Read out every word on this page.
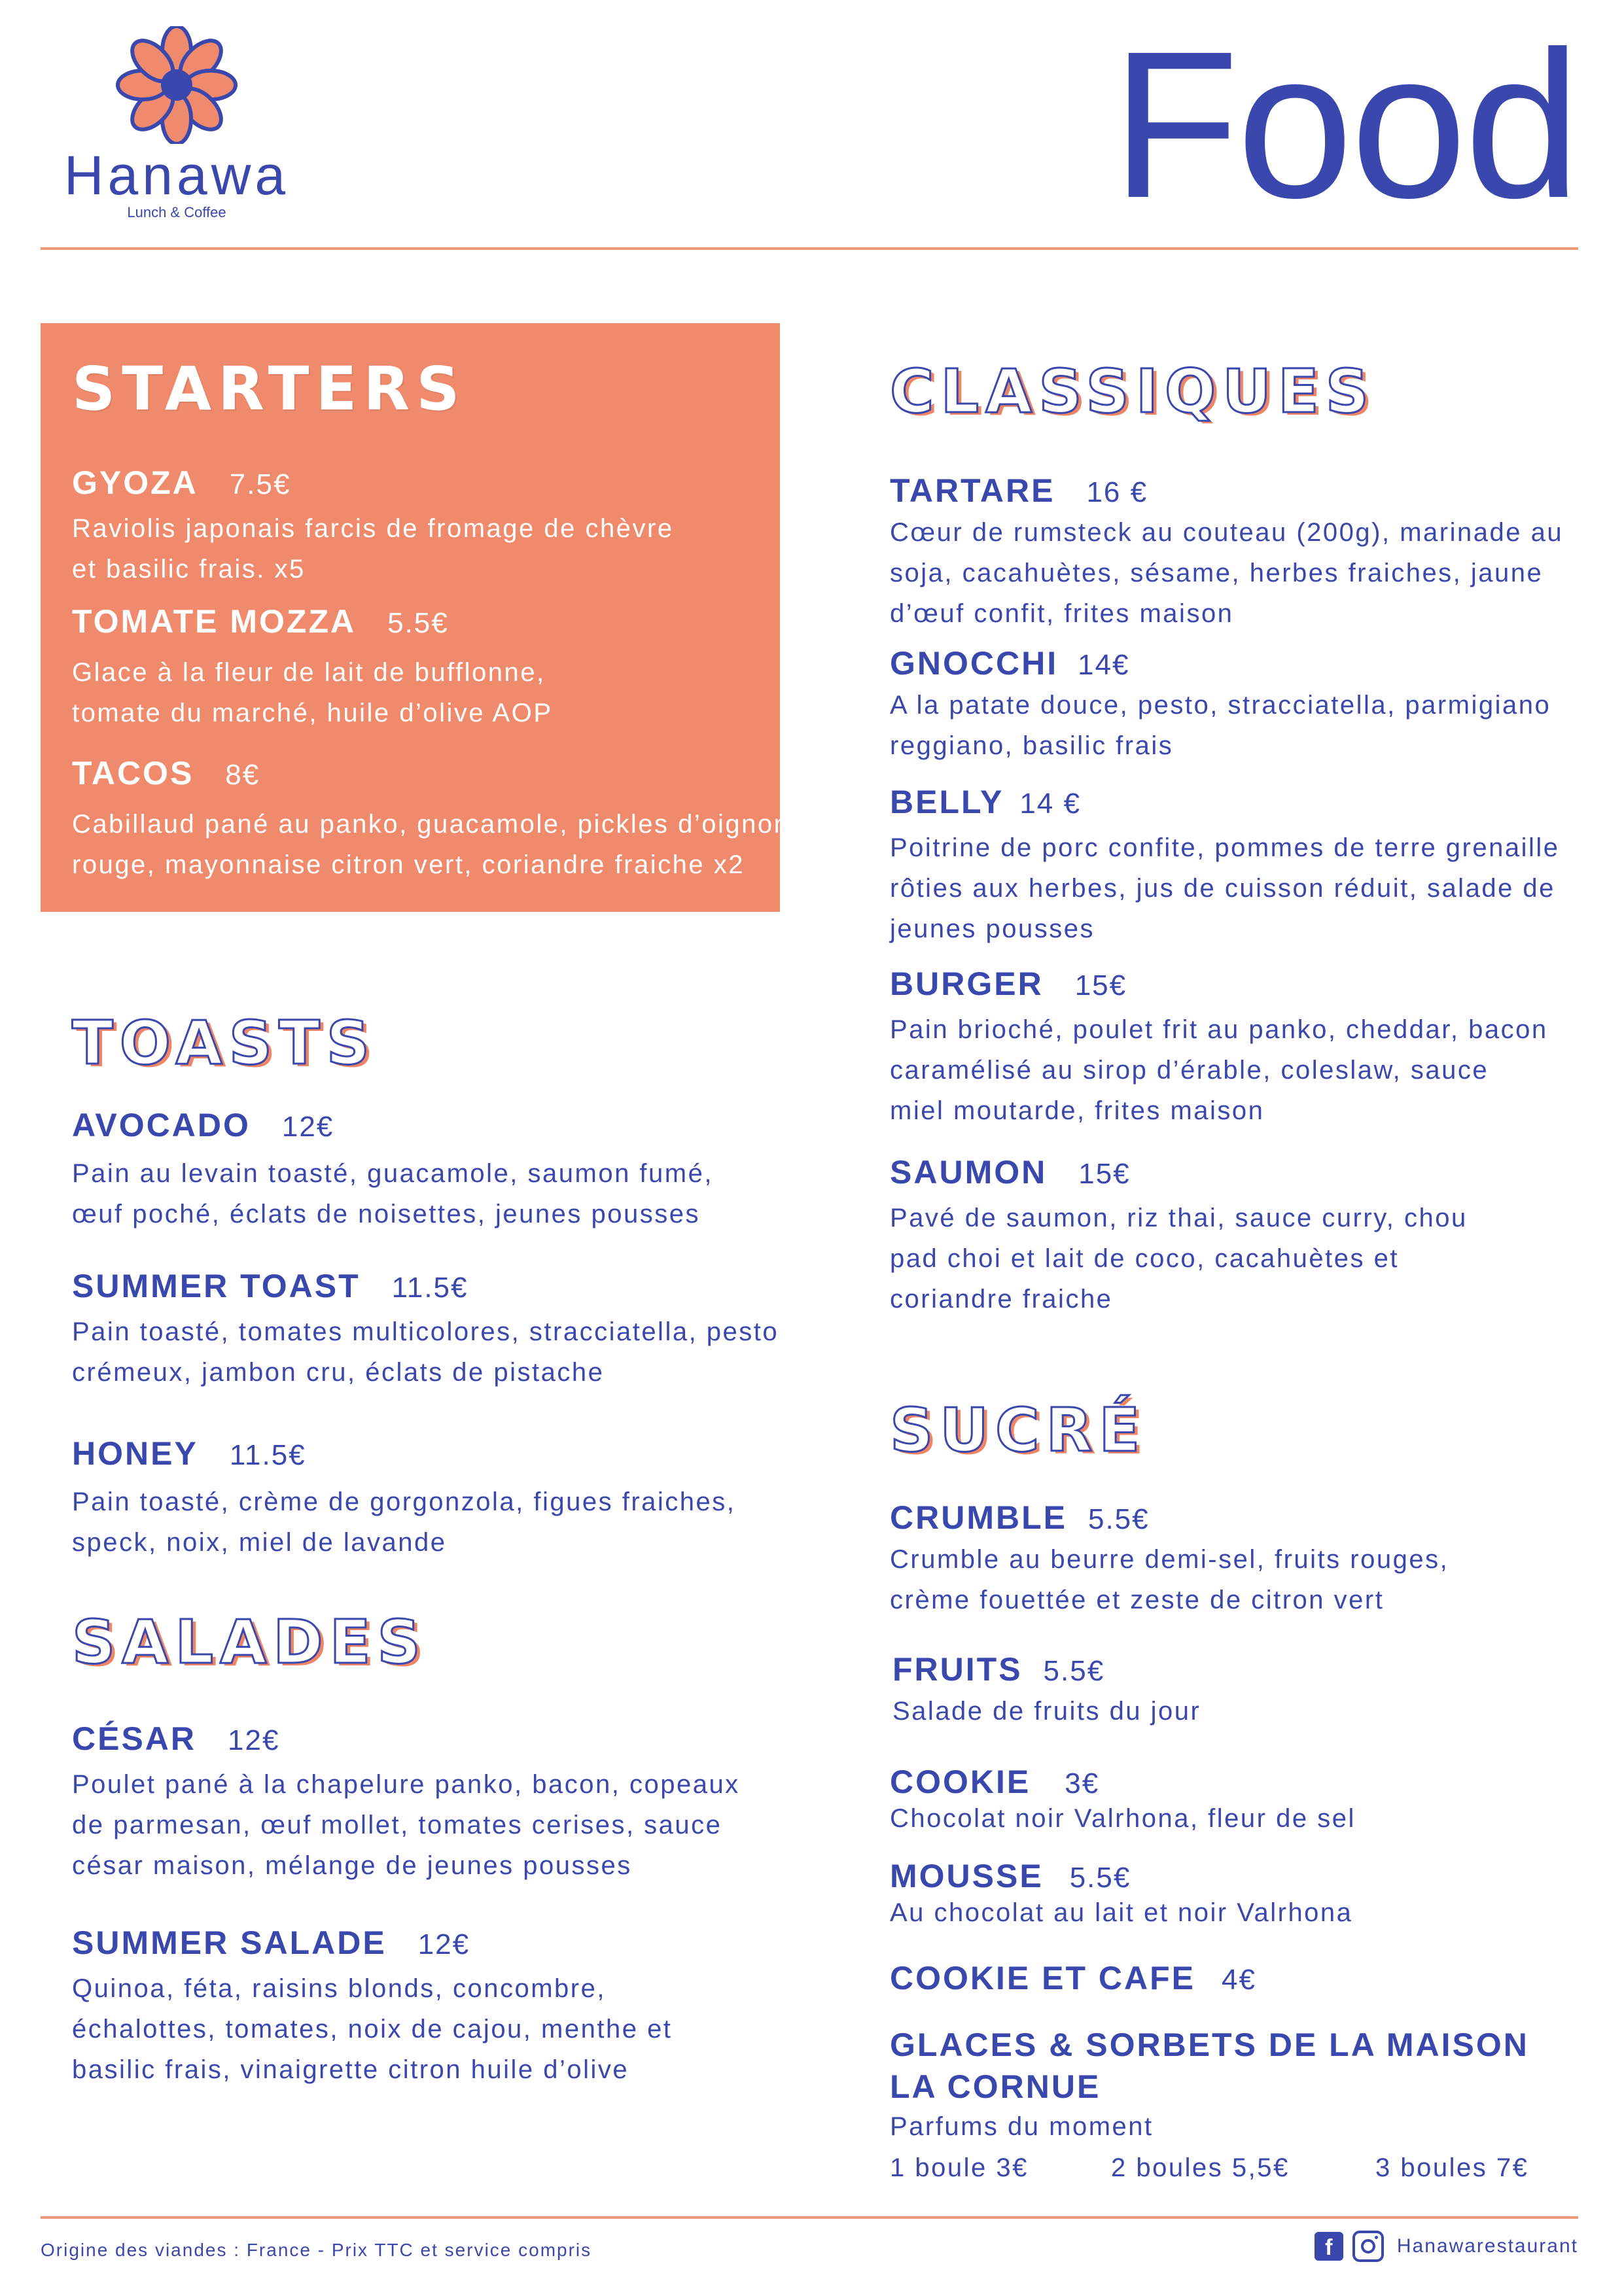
Hanawa
Lunch & Coffee	Food
STARTERS
GYOZA 7.5€
Raviolis japonais farcis de fromage de chèvre
et basilic frais. x5
TOMATE MOZZA 5.5€
Glace à la fleur de lait de bufflonne,
tomate du marché, huile d’olive AOP
TACOS 8€
Cabillaud pané au panko, guacamole, pickles d’oignon
rouge, mayonnaise citron vert, coriandre fraiche x2
TOASTS
AVOCADO 12€
Pain au levain toasté, guacamole, saumon fumé,
œuf poché, éclats de noisettes, jeunes pousses
SUMMER TOAST 11.5€
Pain toasté, tomates multicolores, stracciatella, pesto
crémeux, jambon cru, éclats de pistache
HONEY 11.5€
Pain toasté, crème de gorgonzola, figues fraiches,
speck, noix, miel de lavande
SALADES
CÉSAR 12€
Poulet pané à la chapelure panko, bacon, copeaux
de parmesan, œuf mollet, tomates cerises, sauce
césar maison, mélange de jeunes pousses
SUMMER SALADE 12€
Quinoa, féta, raisins blonds, concombre,
échalottes, tomates, noix de cajou, menthe et
basilic frais, vinaigrette citron huile d’olive
CLASSIQUES
TARTARE 16 €
Cœur de rumsteck au couteau (200g), marinade au
soja, cacahuètes, sésame, herbes fraiches, jaune
d’œuf confit, frites maison
GNOCCHI 14€
A la patate douce, pesto, stracciatella, parmigiano
reggiano, basilic frais
BELLY 14 €
Poitrine de porc confite, pommes de terre grenaille
rôties aux herbes, jus de cuisson réduit, salade de
jeunes pousses
BURGER 15€
Pain brioché, poulet frit au panko, cheddar, bacon
caramélisé au sirop d’érable, coleslaw, sauce
miel moutarde, frites maison
SAUMON 15€
Pavé de saumon, riz thai, sauce curry, chou
pad choi et lait de coco, cacahuètes et
coriandre fraiche
SUCRÉ
CRUMBLE 5.5€
Crumble au beurre demi-sel, fruits rouges,
crème fouettée et zeste de citron vert
FRUITS 5.5€
Salade de fruits du jour
COOKIE 3€
Chocolat noir Valrhona, fleur de sel
MOUSSE 5.5€
Au chocolat au lait et noir Valrhona
COOKIE ET CAFE 4€
GLACES & SORBETS DE LA MAISON
LA CORNUE
Parfums du moment
1 boule 3€	2 boules 5,5€	3 boules 7€
Origine des viandes : France - Prix TTC et service compris	f	Hanawarestaurant
